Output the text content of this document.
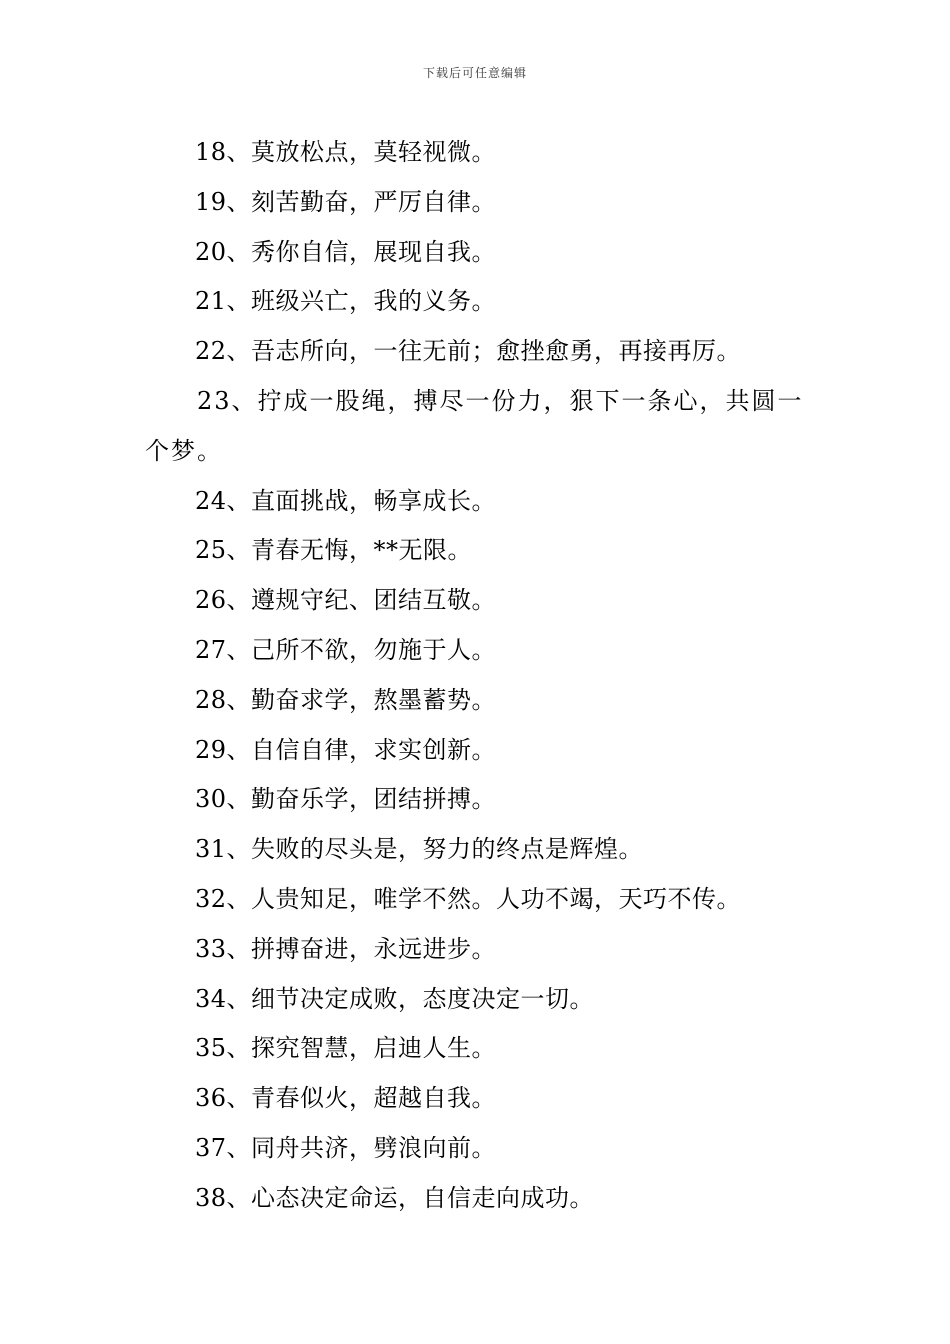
下载后可任意编辑
18、莫放松点，莫轻视微。
19、刻苦勤奋，严厉自律。
20、秀你自信，展现自我。
21、班级兴亡，我的义务。
22、吾志所向，一往无前；愈挫愈勇，再接再厉。
23、拧成一股绳，搏尽一份力，狠下一条心，共圆一个梦。
24、直面挑战，畅享成长。
25、青春无悔，**无限。
26、遵规守纪、团结互敬。
27、己所不欲，勿施于人。
28、勤奋求学，熬墨蓄势。
29、自信自律，求实创新。
30、勤奋乐学，团结拼搏。
31、失败的尽头是，努力的终点是辉煌。
32、人贵知足，唯学不然。人功不竭，天巧不传。
33、拼搏奋进，永远进步。
34、细节决定成败，态度决定一切。
35、探究智慧，启迪人生。
36、青春似火，超越自我。
37、同舟共济，劈浪向前。
38、心态决定命运，自信走向成功。
